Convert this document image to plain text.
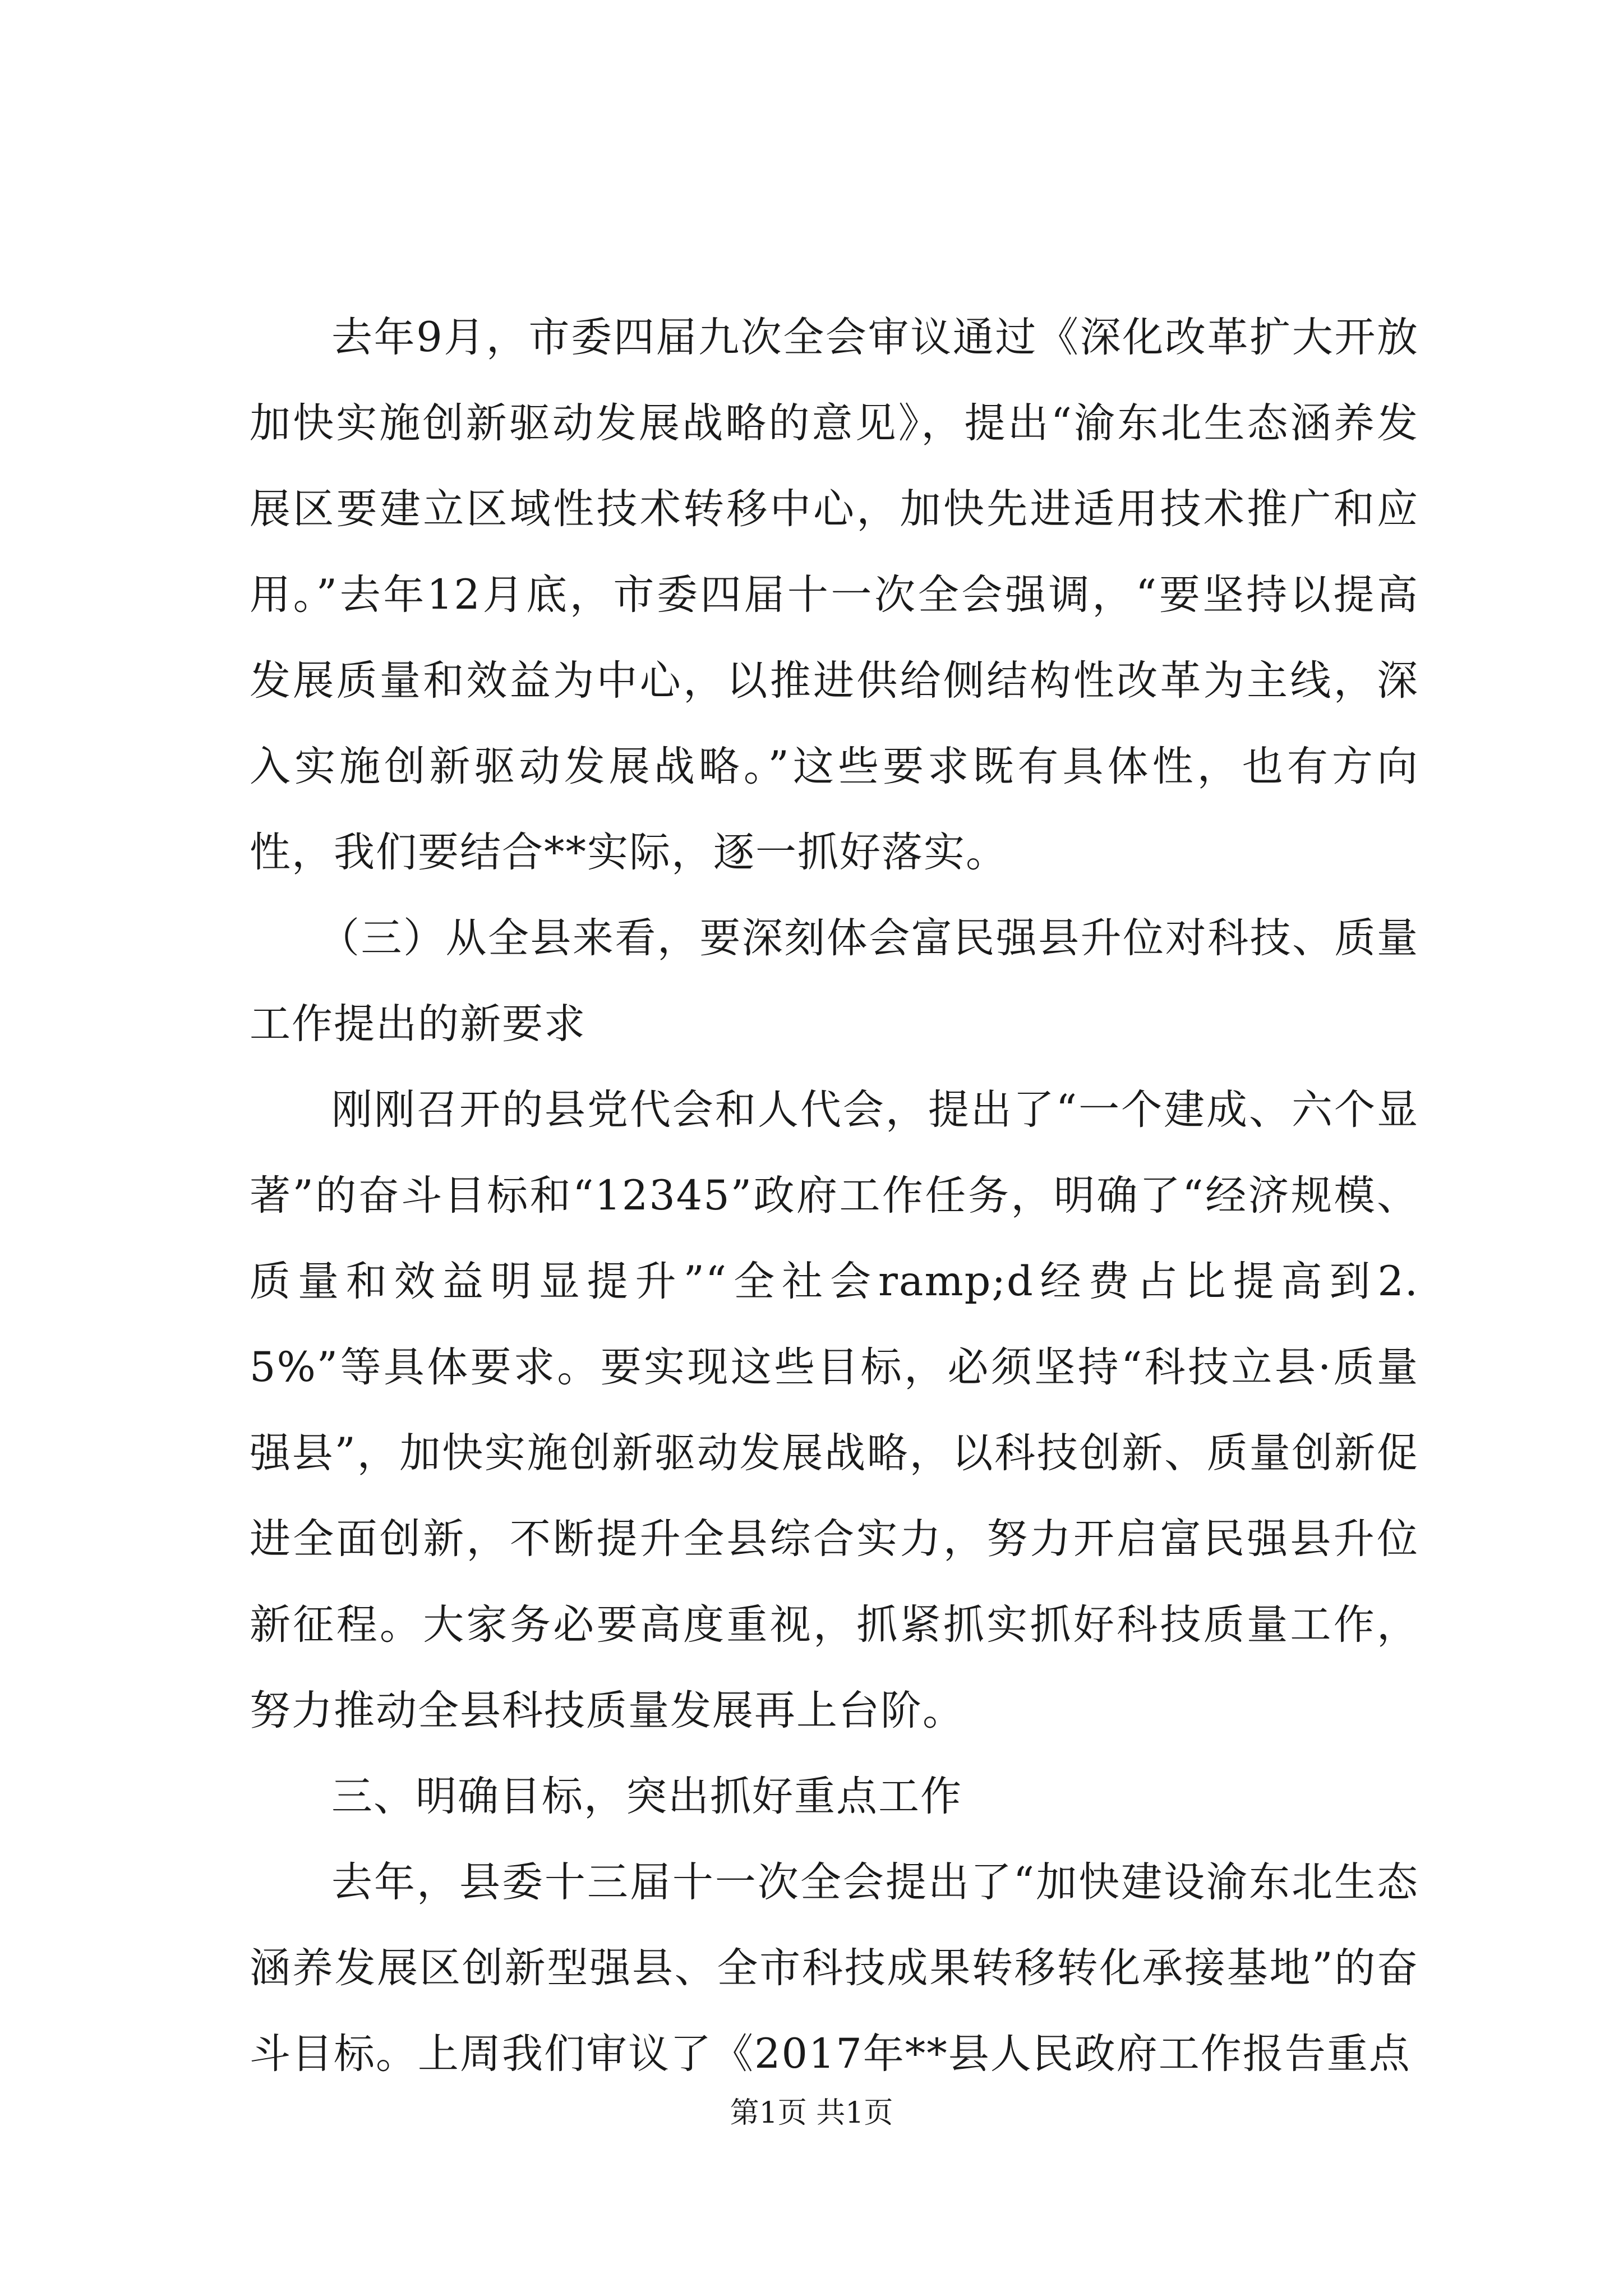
去年9月，市委四届九次全会审议通过《深化改革扩大开放加快实施创新驱动发展战略的意见》，提出“渝东北生态涵养发展区要建立区域性技术转移中心，加快先进适用技术推广和应用。”去年12月底，市委四届十一次全会强调，“要坚持以提高发展质量和效益为中心，以推进供给侧结构性改革为主线，深入实施创新驱动发展战略。”这些要求既有具体性，也有方向性，我们要结合**实际，逐一抓好落实。

（三）从全县来看，要深刻体会富民强县升位对科技、质量工作提出的新要求

刚刚召开的县党代会和人代会，提出了“一个建成、六个显著”的奋斗目标和“12345”政府工作任务，明确了“经济规模、质量和效益明显提升”“全社会ramp;d经费占比提高到2.5%”等具体要求。要实现这些目标，必须坚持“科技立县·质量强县”，加快实施创新驱动发展战略，以科技创新、质量创新促进全面创新，不断提升全县综合实力，努力开启富民强县升位新征程。大家务必要高度重视，抓紧抓实抓好科技质量工作，努力推动全县科技质量发展再上台阶。

三、明确目标，突出抓好重点工作

去年，县委十三届十一次全会提出了“加快建设渝东北生态涵养发展区创新型强县、全市科技成果转移转化承接基地”的奋斗目标。上周我们审议了《2017年**县人民政府工作报告重点

第1页 共1页
